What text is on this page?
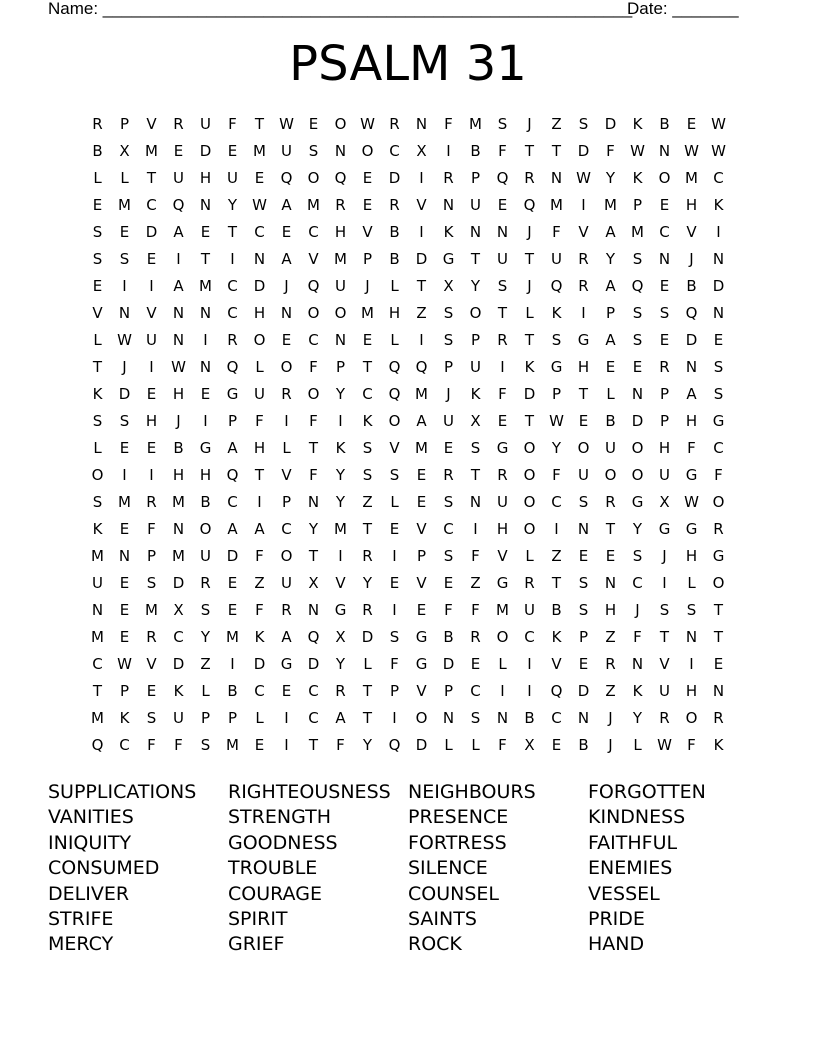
Name: ________________________________________________________
Date: _______
PSALM 31
R	P	V	R	U	F	T	W E	O W R	N	F	M	S	J	Z	S	D	K	B	E W
B	X	M	E	D	E	M	U	S	N	O	C	X	I	B	F	T	T	D	F	W N W W
L	L	T	U	H	U	E	Q	O	Q	E	D	I	R	P	Q	R	N W Y	K	O M	C
E	M	C	Q	N	Y	W A	M	R	E	R	V	N	U	E	Q M	I	M	P	E	H	K
S	E	D	A	E	T	C	E	C	H	V	B	I	K	N	N	J	F	V	A	M	C	V	I
S	S	E	I	T	I	N	A	V	M	P	B	D	G	T	U	T	U	R	Y	S	N	J	N
E	I	I	A	M	C	D	J	Q	U	J	L	T	X	Y	S	J	Q	R	A	Q	E	B	D
V	N	V	N	N	C	H	N	O	O M H	Z	S	O	T	L	K	I	P	S	S	Q	N
L	W U	N	I	R	O	E	C	N	E	L	I	S	P	R	T	S	G	A	S	E	D	E
T	J	I	W N	Q	L	O	F	P	T	Q	Q	P	U	I	K	G	H	E	E	R	N	S
K	D	E	H	E	G	U	R	O	Y	C	Q M	J	K	F	D	P	T	L	N	P	A	S
S	S	H	J	I	P	F	I	F	I	K	O	A	U	X	E	T	W E	B	D	P	H	G
L	E	E	B	G	A	H	L	T	K	S	V	M	E	S	G	O	Y	O	U	O	H	F	C
O	I	I	H	H	Q	T	V	F	Y	S	S	E	R	T	R	O	F	U	O	O	U	G	F
S	M	R	M	B	C	I	P	N	Y	Z	L	E	S	N	U	O	C	S	R	G	X W O
K	E	F	N	O	A	A	C	Y	M	T	E	V	C	I	H	O	I	N	T	Y	G	G	R
M N	P	M	U	D	F	O	T	I	R	I	P	S	F	V	L	Z	E	E	S	J	H	G
U	E	S	D	R	E	Z	U	X	V	Y	E	V	E	Z	G	R	T	S	N	C	I	L	O
N	E	M	X	S	E	F	R	N	G	R	I	E	F	F	M	U	B	S	H	J	S	S	T
M	E	R	C	Y	M	K	A	Q	X	D	S	G	B	R	O	C	K	P	Z	F	T	N	T
C W V	D	Z	I	D	G	D	Y	L	F	G	D	E	L	I	V	E	R	N	V	I	E
T	P	E	K	L	B	C	E	C	R	T	P	V	P	C	I	I	Q	D	Z	K	U	H	N
M	K	S	U	P	P	L	I	C	A	T	I	O	N	S	N	B	C	N	J	Y	R	O	R
Q	C	F	F	S	M	E	I	T	F	Y	Q	D	L	L	F	X	E	B	J	L	W	F	K
SUPPLICATIONS	RIGHTEOUSNESS NEIGHBOURS	FORGOTTEN
VANITIES	STRENGTH	PRESENCE	KINDNESS
INIQUITY	GOODNESS	FORTRESS	FAITHFUL
CONSUMED	TROUBLE	SILENCE	ENEMIES
DELIVER	COURAGE	COUNSEL	VESSEL
STRIFE	SPIRIT	SAINTS	PRIDE
MERCY	GRIEF	ROCK	HAND
